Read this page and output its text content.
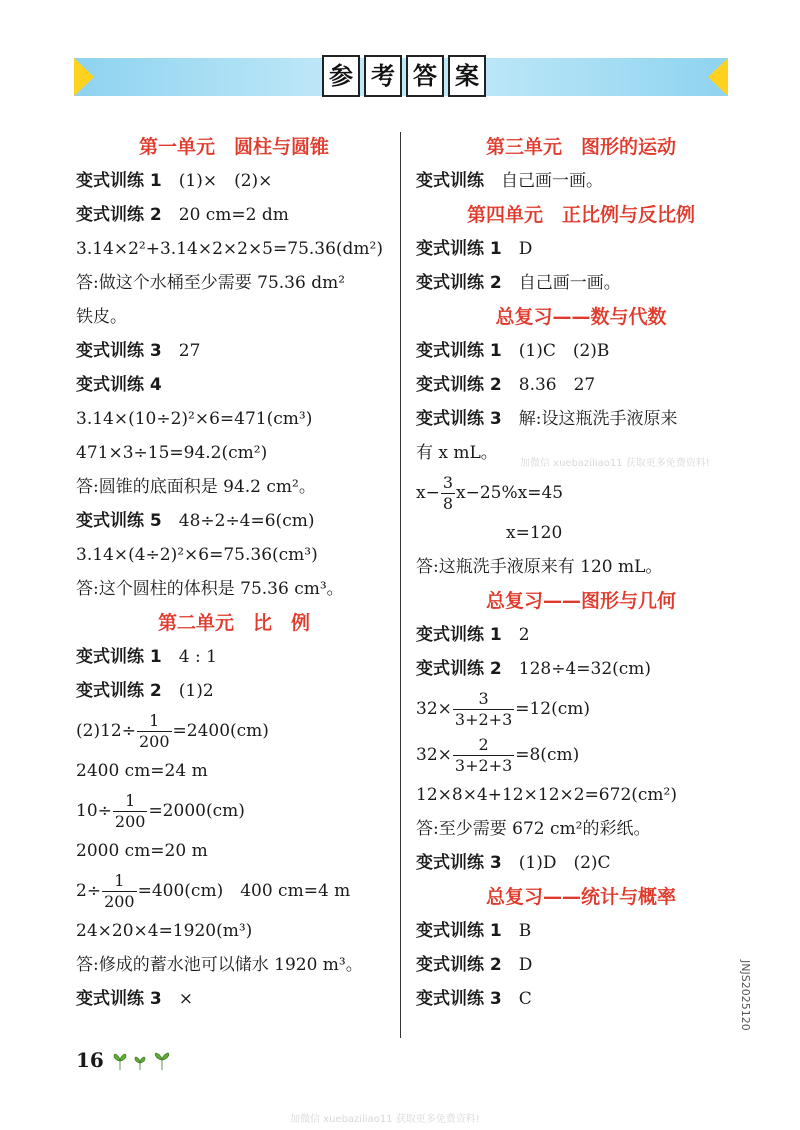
参 考 答 案
第一单元　圆柱与圆锥
变式训练 1　(1)×　(2)×
变式训练 2　20 cm=2 dm
3.14×2²+3.14×2×2×5=75.36(dm²)
答:做这个水桶至少需要 75.36 dm²
铁皮。
变式训练 3　27
变式训练 4
3.14×(10÷2)²×6=471(cm³)
471×3÷15=94.2(cm²)
答:圆锥的底面积是 94.2 cm²。
变式训练 5　48÷2÷4=6(cm)
3.14×(4÷2)²×6=75.36(cm³)
答:这个圆柱的体积是 75.36 cm³。
第二单元　比　例
变式训练 1　4 : 1
变式训练 2　(1)2
$(2)12\div \frac{1}{200} =2400(cm)$
2400 cm=24 m
$10\div \frac{1}{200} =2000(cm)$
2000 cm=20 m
$2\div \frac{1}{200} =400(cm)$　400 cm=4 m
24×20×4=1920(m³)
答:修成的蓄水池可以储水 1920 m³。
变式训练 3　×
第三单元　图形的运动
变式训练　自己画一画。
第四单元　正比例与反比例
变式训练 1　D
变式训练 2　自己画一画。
总复习——数与代数
变式训练 1　(1)C　(2)B
变式训练 2　8.36　27
变式训练 3　解:设这瓶洗手液原来
有 x mL。
$x- \frac{3}{8} x-25\%x=45$
x=120
答:这瓶洗手液原来有 120 mL。
总复习——图形与几何
变式训练 1　2
变式训练 2　128÷4=32(cm)
$32\times \frac{3}{3+2+3} =12(cm)$
$32\times \frac{2}{3+2+3} =8(cm)$
12×8×4+12×12×2=672(cm²)
答:至少需要 672 cm²的彩纸。
变式训练 3　(1)D　(2)C
总复习——统计与概率
变式训练 1　B
变式训练 2　D
变式训练 3　C
加微信 xuebaziliao11 获取更多免费资料!
加微信 xuebaziliao11 获取更多免费资料!
16
JNJS2025120
